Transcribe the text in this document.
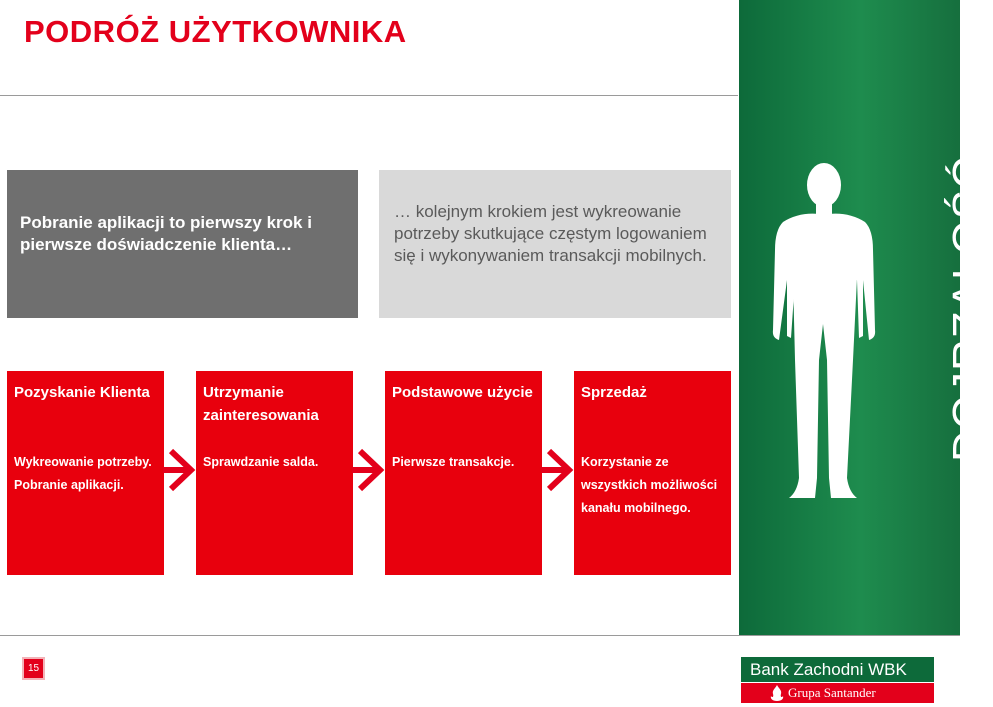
PODRÓŻ UŻYTKOWNIKA
Pobranie aplikacji to pierwszy krok i pierwsze doświadczenie klienta…
… kolejnym krokiem jest wykreowanie potrzeby skutkujące częstym logowaniem się i wykonywaniem transakcji mobilnych.
Pozyskanie Klienta
Wykreowanie potrzeby. Pobranie aplikacji.
Utrzymanie zainteresowania
Sprawdzanie salda.
Podstawowe użycie
Pierwsze transakcje.
Sprzedaż
Korzystanie ze wszystkich możliwości kanału mobilnego.
DOJRZAŁOŚĆ
15	Bank Zachodni WBK
Grupa Santander
